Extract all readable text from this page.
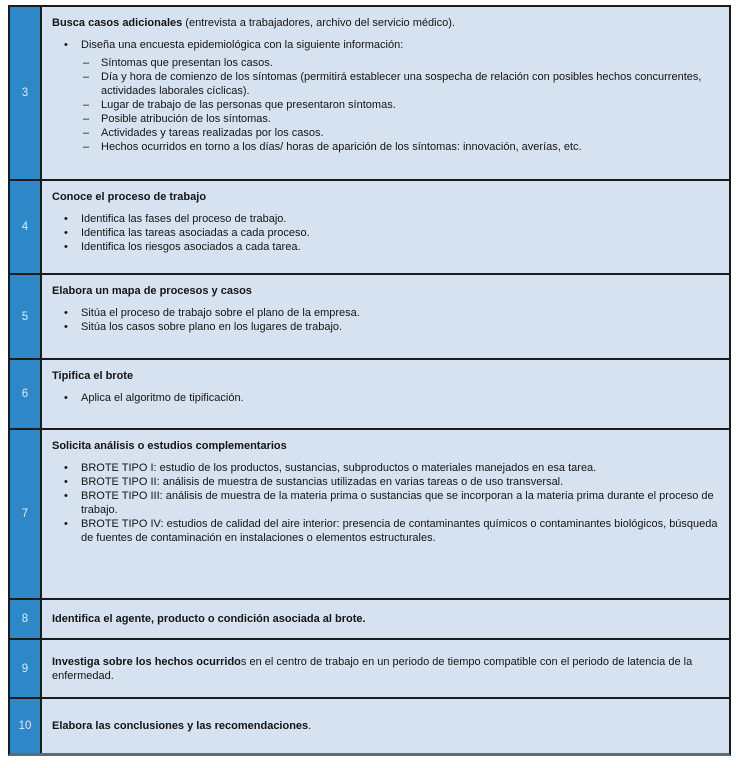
3

Busca casos adicionales (entrevista a trabajadores, archivo del servicio médico).

• Diseña una encuesta epidemiológica con la siguiente información:
– Síntomas que presentan los casos.
– Día y hora de comienzo de los síntomas (permitirá establecer una sospecha de relación con posibles hechos concurrentes, actividades laborales cíclicas).
– Lugar de trabajo de las personas que presentaron síntomas.
– Posible atribución de los síntomas.
– Actividades y tareas realizadas por los casos.
– Hechos ocurridos en torno a los días/ horas de aparición de los síntomas: innovación, averías, etc.
4

Conoce el proceso de trabajo

• Identifica las fases del proceso de trabajo.
• Identifica las tareas asociadas a cada proceso.
• Identifica los riesgos asociados a cada tarea.
5

Elabora un mapa de procesos y casos

• Sitúa el proceso de trabajo sobre el plano de la empresa.
• Sitúa los casos sobre plano en los lugares de trabajo.
6

Tipifica el brote

• Aplica el algoritmo de tipificación.
7

Solicita análisis o estudios complementarios

• BROTE TIPO I: estudio de los productos, sustancias, subproductos o materiales manejados en esa tarea.
• BROTE TIPO II: análisis de muestra de sustancias utilizadas en varias tareas o de uso transversal.
• BROTE TIPO III: análisis de muestra de la materia prima o sustancias que se incorporan a la materia prima durante el proceso de trabajo.
• BROTE TIPO IV: estudios de calidad del aire interior: presencia de contaminantes químicos o contaminantes biológicos, búsqueda de fuentes de contaminación en instalaciones o elementos estructurales.
8 Identifica el agente, producto o condición asociada al brote.

9

Investiga sobre los hechos ocurridos en el centro de trabajo en un periodo de tiempo compatible con el periodo de latencia de la enfermedad.

10 Elabora las conclusiones y las recomendaciones.
